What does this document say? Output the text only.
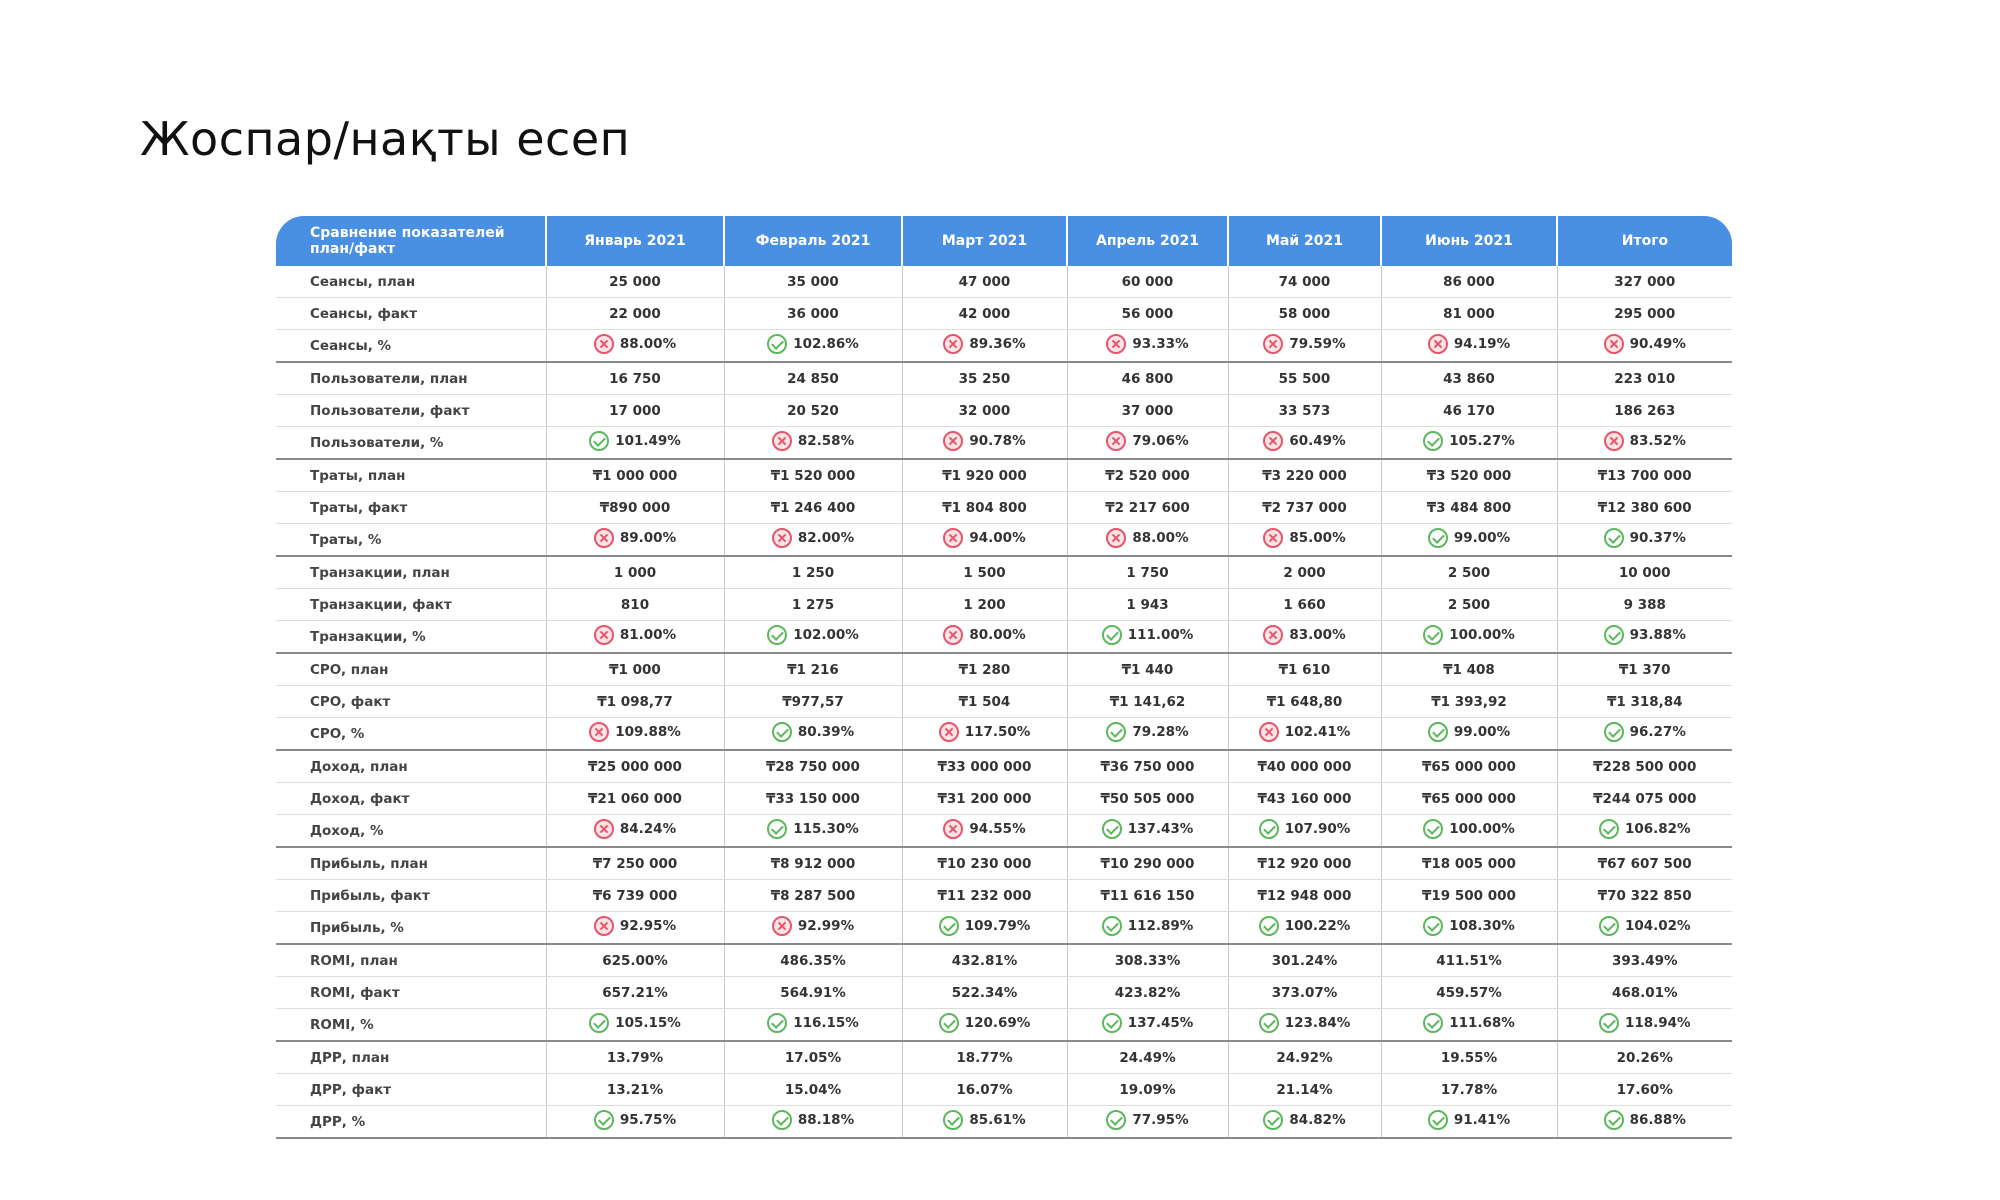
Жоспар/нақты есеп
Сравнение показателей план/факт	Январь 2021	Февраль 2021	Март 2021	Апрель 2021	Май 2021	Июнь 2021	Итого
Сеансы, план	25 000	35 000	47 000	60 000	74 000	86 000	327 000
Сеансы, факт	22 000	36 000	42 000	56 000	58 000	81 000	295 000
Сеансы, %	88.00%	102.86%	89.36%	93.33%	79.59%	94.19%	90.49%

Пользователи, план	16 750	24 850	35 250	46 800	55 500	43 860	223 010
Пользователи, факт	17 000	20 520	32 000	37 000	33 573	46 170	186 263
Пользователи, %	101.49%	82.58%	90.78%	79.06%	60.49%	105.27%	83.52%

Траты, план	₸1 000 000	₸1 520 000	₸1 920 000	₸2 520 000	₸3 220 000	₸3 520 000	₸13 700 000
Траты, факт	₸890 000	₸1 246 400	₸1 804 800	₸2 217 600	₸2 737 000	₸3 484 800	₸12 380 600
Траты, %	89.00%	82.00%	94.00%	88.00%	85.00%	99.00%	90.37%

Транзакции, план	1 000	1 250	1 500	1 750	2 000	2 500	10 000
Транзакции, факт	810	1 275	1 200	1 943	1 660	2 500	9 388
Транзакции, %	81.00%	102.00%	80.00%	111.00%	83.00%	100.00%	93.88%

CPO, план	₸1 000	₸1 216	₸1 280	₸1 440	₸1 610	₸1 408	₸1 370
CPO, факт	₸1 098,77	₸977,57	₸1 504	₸1 141,62	₸1 648,80	₸1 393,92	₸1 318,84
CPO, %	109.88%	80.39%	117.50%	79.28%	102.41%	99.00%	96.27%

Доход, план	₸25 000 000	₸28 750 000	₸33 000 000	₸36 750 000	₸40 000 000	₸65 000 000	₸228 500 000
Доход, факт	₸21 060 000	₸33 150 000	₸31 200 000	₸50 505 000	₸43 160 000	₸65 000 000	₸244 075 000
Доход, %	84.24%	115.30%	94.55%	137.43%	107.90%	100.00%	106.82%

Прибыль, план	₸7 250 000	₸8 912 000	₸10 230 000	₸10 290 000	₸12 920 000	₸18 005 000	₸67 607 500
Прибыль, факт	₸6 739 000	₸8 287 500	₸11 232 000	₸11 616 150	₸12 948 000	₸19 500 000	₸70 322 850
Прибыль, %	92.95%	92.99%	109.79%	112.89%	100.22%	108.30%	104.02%

ROMI, план	625.00%	486.35%	432.81%	308.33%	301.24%	411.51%	393.49%
ROMI, факт	657.21%	564.91%	522.34%	423.82%	373.07%	459.57%	468.01%
ROMI, %	105.15%	116.15%	120.69%	137.45%	123.84%	111.68%	118.94%

ДРР, план	13.79%	17.05%	18.77%	24.49%	24.92%	19.55%	20.26%
ДРР, факт	13.21%	15.04%	16.07%	19.09%	21.14%	17.78%	17.60%
ДРР, %	95.75%	88.18%	85.61%	77.95%	84.82%	91.41%	86.88%
